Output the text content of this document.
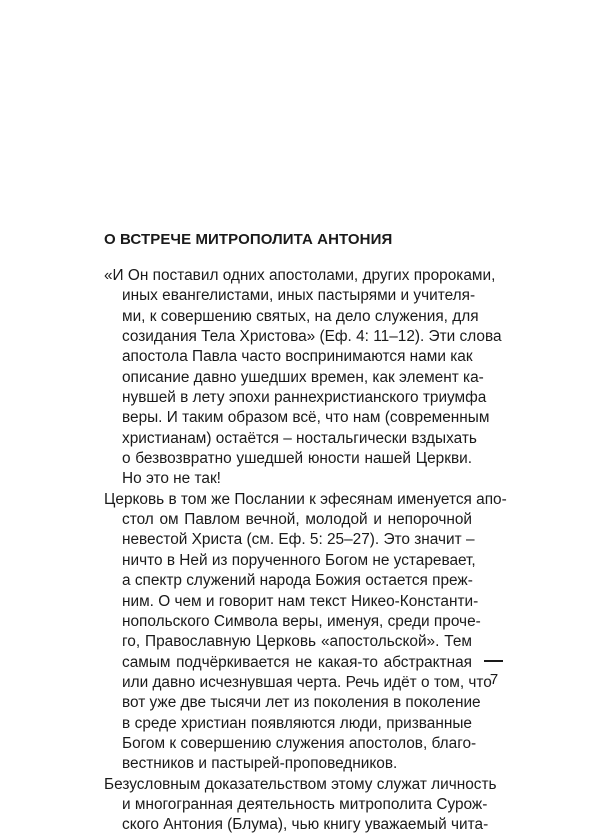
О ВСТРЕЧЕ МИТРОПОЛИТА АНТОНИЯ
«И Он поставил одних апостолами, других пророками,
иных евангелистами, иных пастырями и учителя-
ми, к совершению святых, на дело служения, для
созидания Тела Христова» (Еф. 4: 11–12). Эти слова
апостола Павла часто воспринимаются нами как
описание давно ушедших времен, как элемент ка-
нувшей в лету эпохи раннехристианского триумфа
веры. И таким образом всё, что нам (современным
христианам) остаётся – ностальгически вздыхать
о безвозвратно ушедшей юности нашей Церкви.
Но это не так!
Церковь в том же Послании к эфесянам именуется апо-
стол ом Павлом вечной, молодой и непорочной
невестой Христа (см. Еф. 5: 25–27). Это значит –
ничто в Ней из порученного Богом не устаревает,
а спектр служений народа Божия остается преж-
ним. О чем и говорит нам текст Никео-Константи-
нопольского Символа веры, именуя, среди проче-
го, Православную Церковь «апостольской». Тем
самым подчёркивается не какая-то абстрактная
или давно исчезнувшая черта. Речь идёт о том, что
вот уже две тысячи лет из поколения в поколение
в среде христиан появляются люди, призванные
Богом к совершению служения апостолов, благо-
вестников и пастырей-проповедников.
Безусловным доказательством этому служат личность
и многогранная деятельность митрополита Сурож-
ского Антония (Блума), чью книгу уважаемый чита-
7
